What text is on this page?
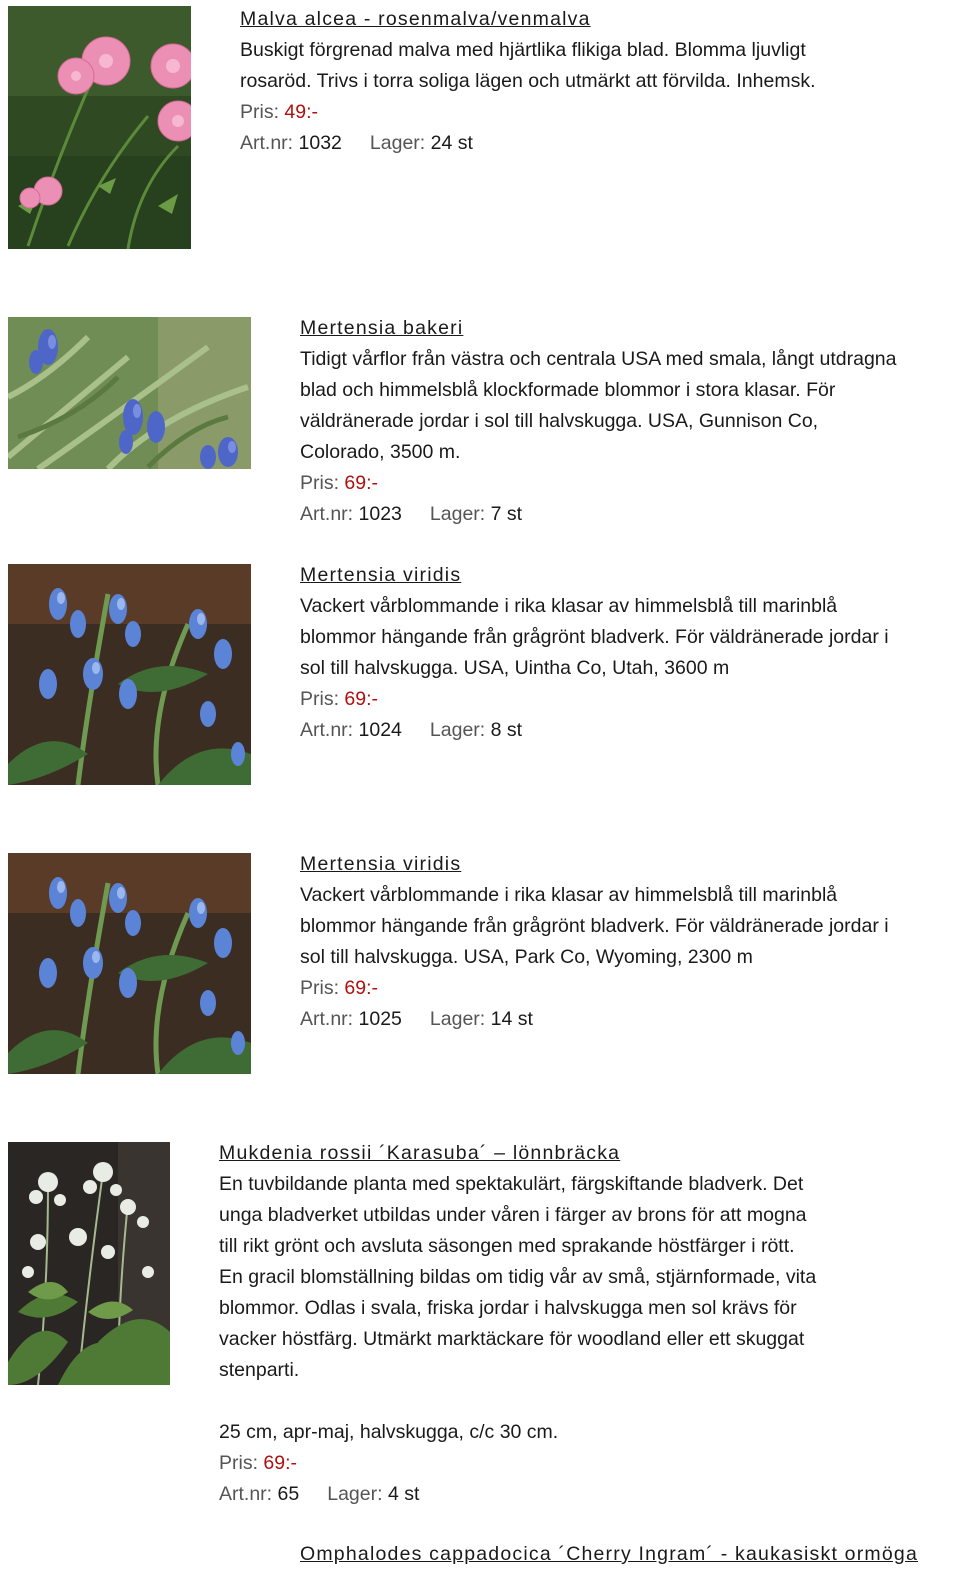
Malva alcea - rosenmalva/venmalva

Buskigt förgrenad malva med hjärtlika flikiga blad. Blomma ljuvligt
rosaröd. Trivs i torra soliga lägen och utmärkt att förvilda. Inhemsk.

Pris: 49:-
Art.nr: 1032 Lager: 24 st
Mertensia bakeri

Tidigt vårflor från västra och centrala USA med smala, långt utdragna
blad och himmelsblå klockformade blommor i stora klasar. För
väldränerade jordar i sol till halvskugga. USA, Gunnison Co,
Colorado, 3500 m.

Pris: 69:-
Art.nr: 1023 Lager: 7 st
Mertensia viridis

Vackert vårblommande i rika klasar av himmelsblå till marinblå
blommor hängande från grågrönt bladverk. För väldränerade jordar i
sol till halvskugga. USA, Uintha Co, Utah, 3600 m

Pris: 69:-
Art.nr: 1024 Lager: 8 st
Mertensia viridis

Vackert vårblommande i rika klasar av himmelsblå till marinblå
blommor hängande från grågrönt bladverk. För väldränerade jordar i
sol till halvskugga. USA, Park Co, Wyoming, 2300 m

Pris: 69:-
Art.nr: 1025 Lager: 14 st
Mukdenia rossii ´Karasuba´ – lönnbräcka

En tuvbildande planta med spektakulärt, färgskiftande bladverk. Det
unga bladverket utbildas under våren i färger av brons för att mogna
till rikt grönt och avsluta säsongen med sprakande höstfärger i rött.
En gracil blomställning bildas om tidig vår av små, stjärnformade, vita
blommor. Odlas i svala, friska jordar i halvskugga men sol krävs för
vacker höstfärg. Utmärkt marktäckare för woodland eller ett skuggat
stenparti.

25 cm, apr-maj, halvskugga, c/c 30 cm.
Pris: 69:-
Art.nr: 65 Lager: 4 st
Omphalodes cappadocica ´Cherry Ingram´ - kaukasiskt ormöga
